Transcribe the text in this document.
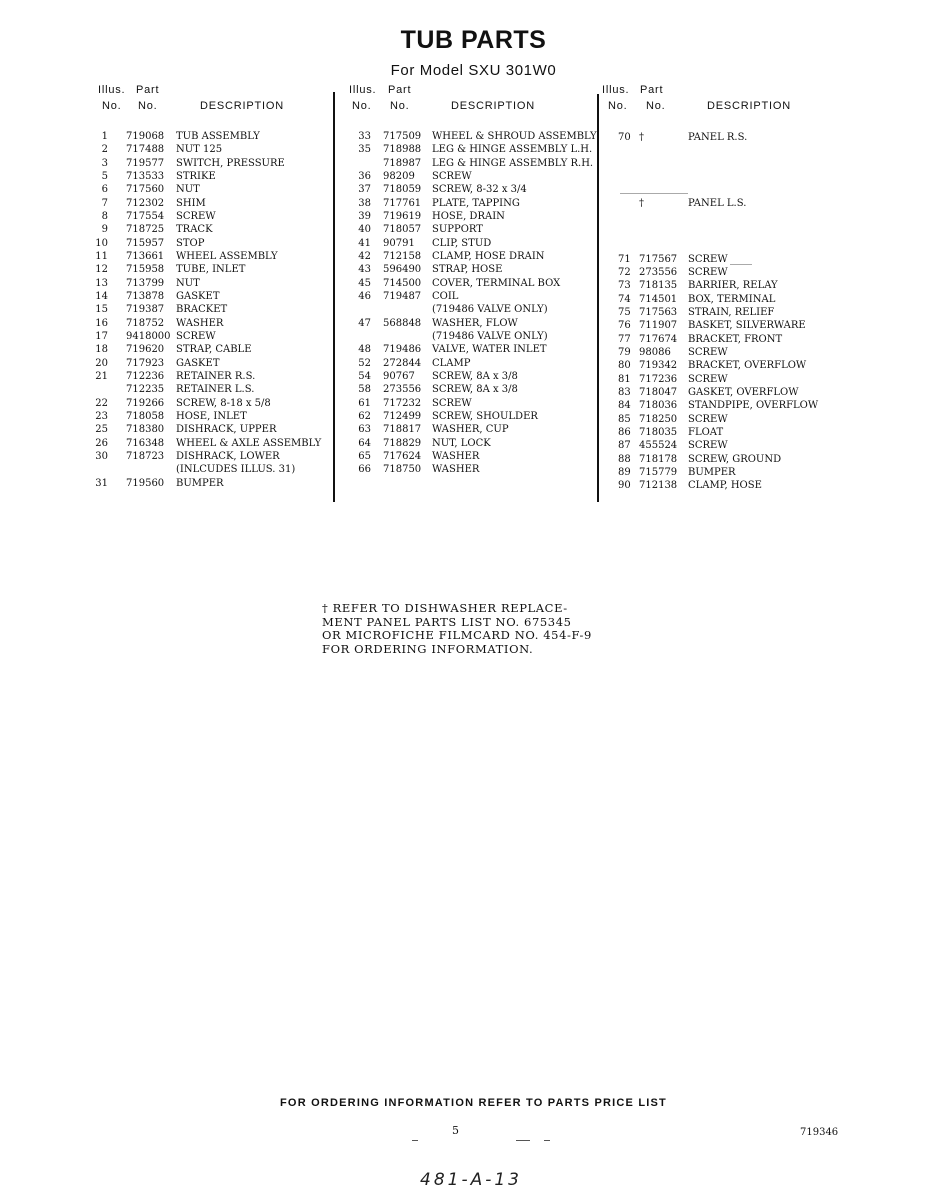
TUB PARTS
For Model SXU 301W0
Illus. Part
No. No.	DESCRIPTION
1 719068 TUB ASSEMBLY
2 717488 NUT 125
3 719577 SWITCH, PRESSURE
5 713533 STRIKE
6 717560 NUT
7 712302 SHIM
8 717554 SCREW
9 718725 TRACK
10 715957 STOP
11 713661 WHEEL ASSEMBLY
12 715958 TUBE, INLET
13 713799 NUT
14 713878 GASKET
15 719387 BRACKET
16 718752 WASHER
17 9418000 SCREW
18 719620 STRAP, CABLE
20 717923 GASKET
21 712236 RETAINER R.S.
712235 RETAINER L.S.
22 719266 SCREW, 8-18 x 5/8
23 718058 HOSE, INLET
25 718380 DISHRACK, UPPER
26 716348 WHEEL & AXLE ASSEMBLY
30 718723 DISHRACK, LOWER
(INLCUDES ILLUS. 31)
31 719560 BUMPER
Illus. Part
No. No.	DESCRIPTION
33 717509 WHEEL & SHROUD ASSEMBLY
35 718988 LEG & HINGE ASSEMBLY L.H.
718987 LEG & HINGE ASSEMBLY R.H.
36 98209 SCREW
37 718059 SCREW, 8-32 x 3/4
38 717761 PLATE, TAPPING
39 719619 HOSE, DRAIN
40 718057 SUPPORT
41 90791 CLIP, STUD
42 712158 CLAMP, HOSE DRAIN
43 596490 STRAP, HOSE
45 714500 COVER, TERMINAL BOX
46 719487 COIL
(719486 VALVE ONLY)
47 568848 WASHER, FLOW
(719486 VALVE ONLY)
48 719486 VALVE, WATER INLET
52 272844 CLAMP
54 90767 SCREW, 8A x 3/8
58 273556 SCREW, 8A x 3/8
61 717232 SCREW
62 712499 SCREW, SHOULDER
63 718817 WASHER, CUP
64 718829 NUT, LOCK
65 717624 WASHER
66 718750 WASHER
Illus. Part
No. No.	DESCRIPTION
70 †	PANEL R.S.
†	PANEL L.S.
71 717567 SCREW
72 273556 SCREW
73 718135 BARRIER, RELAY
74 714501 BOX, TERMINAL
75 717563 STRAIN, RELIEF
76 711907 BASKET, SILVERWARE
77 717674 BRACKET, FRONT
79 98086 SCREW
80 719342 BRACKET, OVERFLOW
81 717236 SCREW
83 718047 GASKET, OVERFLOW
84 718036 STANDPIPE, OVERFLOW
85 718250 SCREW
86 718035 FLOAT
87 455524 SCREW
88 718178 SCREW, GROUND
89 715779 BUMPER
90 712138 CLAMP, HOSE
† REFER TO DISHWASHER REPLACE-
MENT PANEL PARTS LIST NO. 675345
OR MICROFICHE FILMCARD NO. 454-F-9
FOR ORDERING INFORMATION.
FOR ORDERING INFORMATION REFER TO PARTS PRICE LIST
5	719346
481-A-13
